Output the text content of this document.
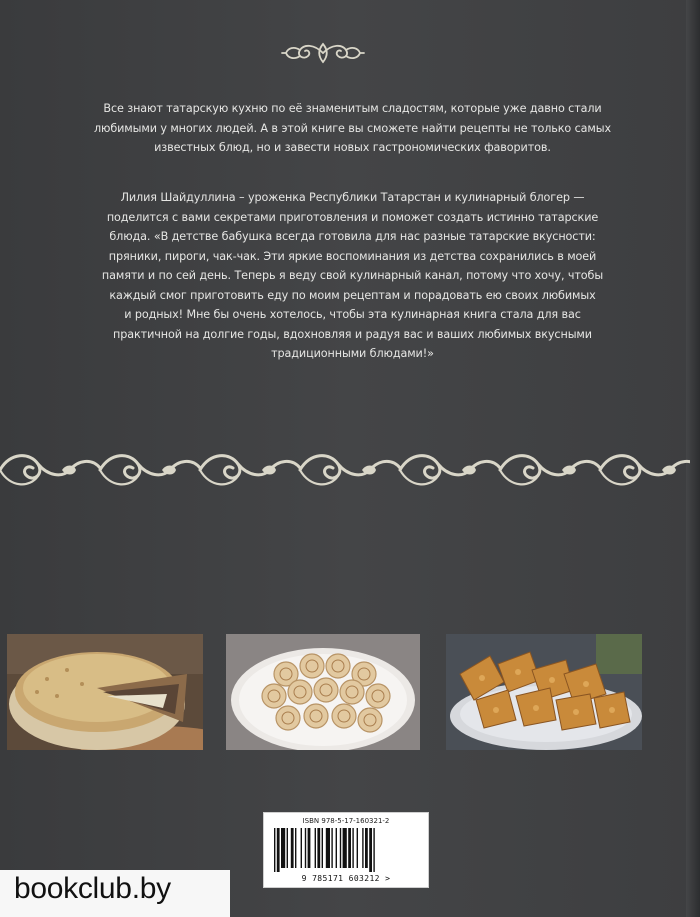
Все знают татарскую кухню по её знаменитым сладостям, которые уже давно стали
любимыми у многих людей. А в этой книге вы сможете найти рецепты не только самых
известных блюд, но и завести новых гастрономических фаворитов.
Лилия Шайдуллина – уроженка Республики Татарстан и кулинарный блогер —
поделится с вами секретами приготовления и поможет создать истинно татарские
блюда. «В детстве бабушка всегда готовила для нас разные татарские вкусности:
пряники, пироги, чак-чак. Эти яркие воспоминания из детства сохранились в моей
памяти и по сей день. Теперь я веду свой кулинарный канал, потому что хочу, чтобы
каждый смог приготовить еду по моим рецептам и порадовать ею своих любимых
и родных! Мне бы очень хотелось, чтобы эта кулинарная книга стала для вас
практичной на долгие годы, вдохновляя и радуя вас и ваших любимых вкусными
традиционными блюдами!»
ISBN 978-5-17-160321-2
9 785171 603212 >
bookclub.by
